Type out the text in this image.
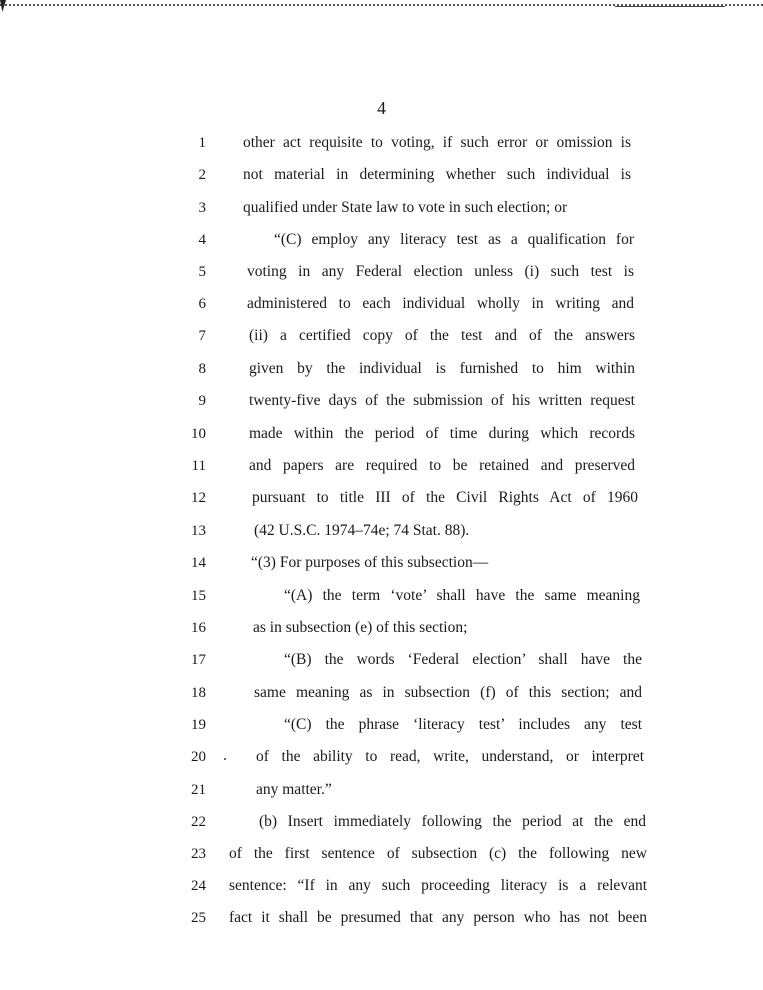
4
1 other act requisite to voting, if such error or omission is
2 not material in determining whether such individual is
3 qualified under State law to vote in such election; or
4	“(C) employ any literacy test as a qualification for
5	voting in any Federal election unless (i) such test is
6	administered to each individual wholly in writing and
7	(ii) a certified copy of the test and of the answers
8	given by the individual is furnished to him within
9	twenty-five days of the submission of his written request
10	made within the period of time during which records
11	and papers are required to be retained and preserved
12	pursuant to title III of the Civil Rights Act of 1960
13	(42 U.S.C. 1974–74e; 74 Stat. 88).
14	“(3) For purposes of this subsection—
15	“(A) the term ‘vote’ shall have the same meaning
16	as in subsection (e) of this section;
17	“(B) the words ‘Federal election’ shall have the
18	same meaning as in subsection (f) of this section; and
19	“(C) the phrase ‘literacy test’ includes any test
20	of the ability to read, write, understand, or interpret
21	any matter.”
22	(b) Insert immediately following the period at the end
23 of the first sentence of subsection (c) the following new
24 sentence: “If in any such proceeding literacy is a relevant
25 fact it shall be presumed that any person who has not been
